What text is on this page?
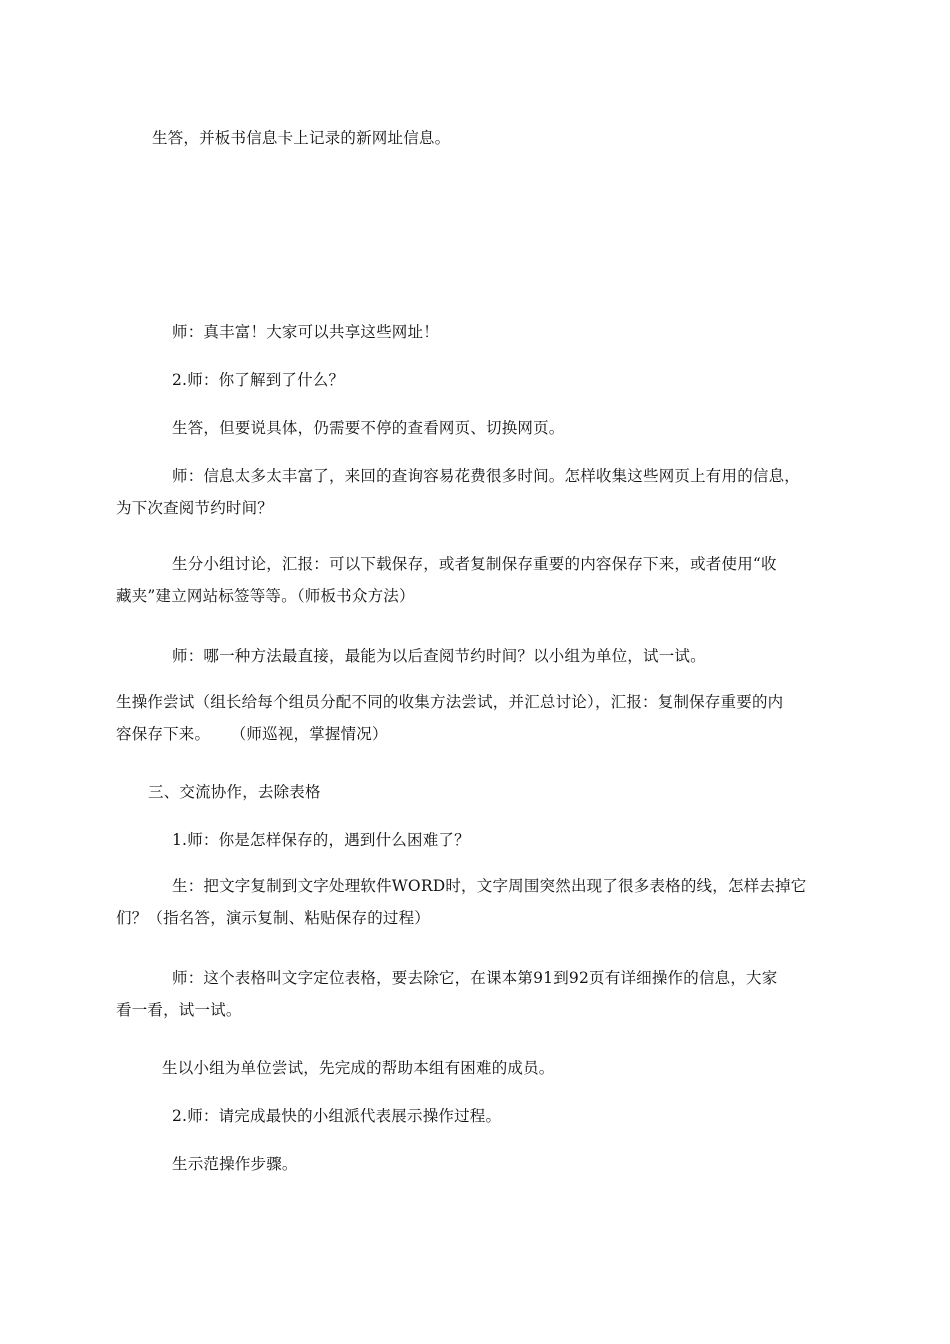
生答，并板书信息卡上记录的新网址信息。

师：真丰富！大家可以共享这些网址！

2.师：你了解到了什么？

生答，但要说具体，仍需要不停的查看网页、切换网页。

师：信息太多太丰富了，来回的查询容易花费很多时间。怎样收集这些网页上有用的信息，
为下次查阅节约时间？

生分小组讨论，汇报：可以下载保存，或者复制保存重要的内容保存下来，或者使用“收
藏夹”建立网站标签等等。（师板书众方法）

师：哪一种方法最直接，最能为以后查阅节约时间？以小组为单位，试一试。

生操作尝试（组长给每个组员分配不同的收集方法尝试，并汇总讨论），汇报：复制保存重要的内
容保存下来。    （师巡视，掌握情况）

三、交流协作，去除表格

1.师：你是怎样保存的，遇到什么困难了？

生：把文字复制到文字处理软件WORD时，文字周围突然出现了很多表格的线，怎样去掉它
们？（指名答，演示复制、粘贴保存的过程）

师：这个表格叫文字定位表格，要去除它，在课本第91到92页有详细操作的信息，大家
看一看，试一试。

生以小组为单位尝试，先完成的帮助本组有困难的成员。

2.师：请完成最快的小组派代表展示操作过程。

生示范操作步骤。
